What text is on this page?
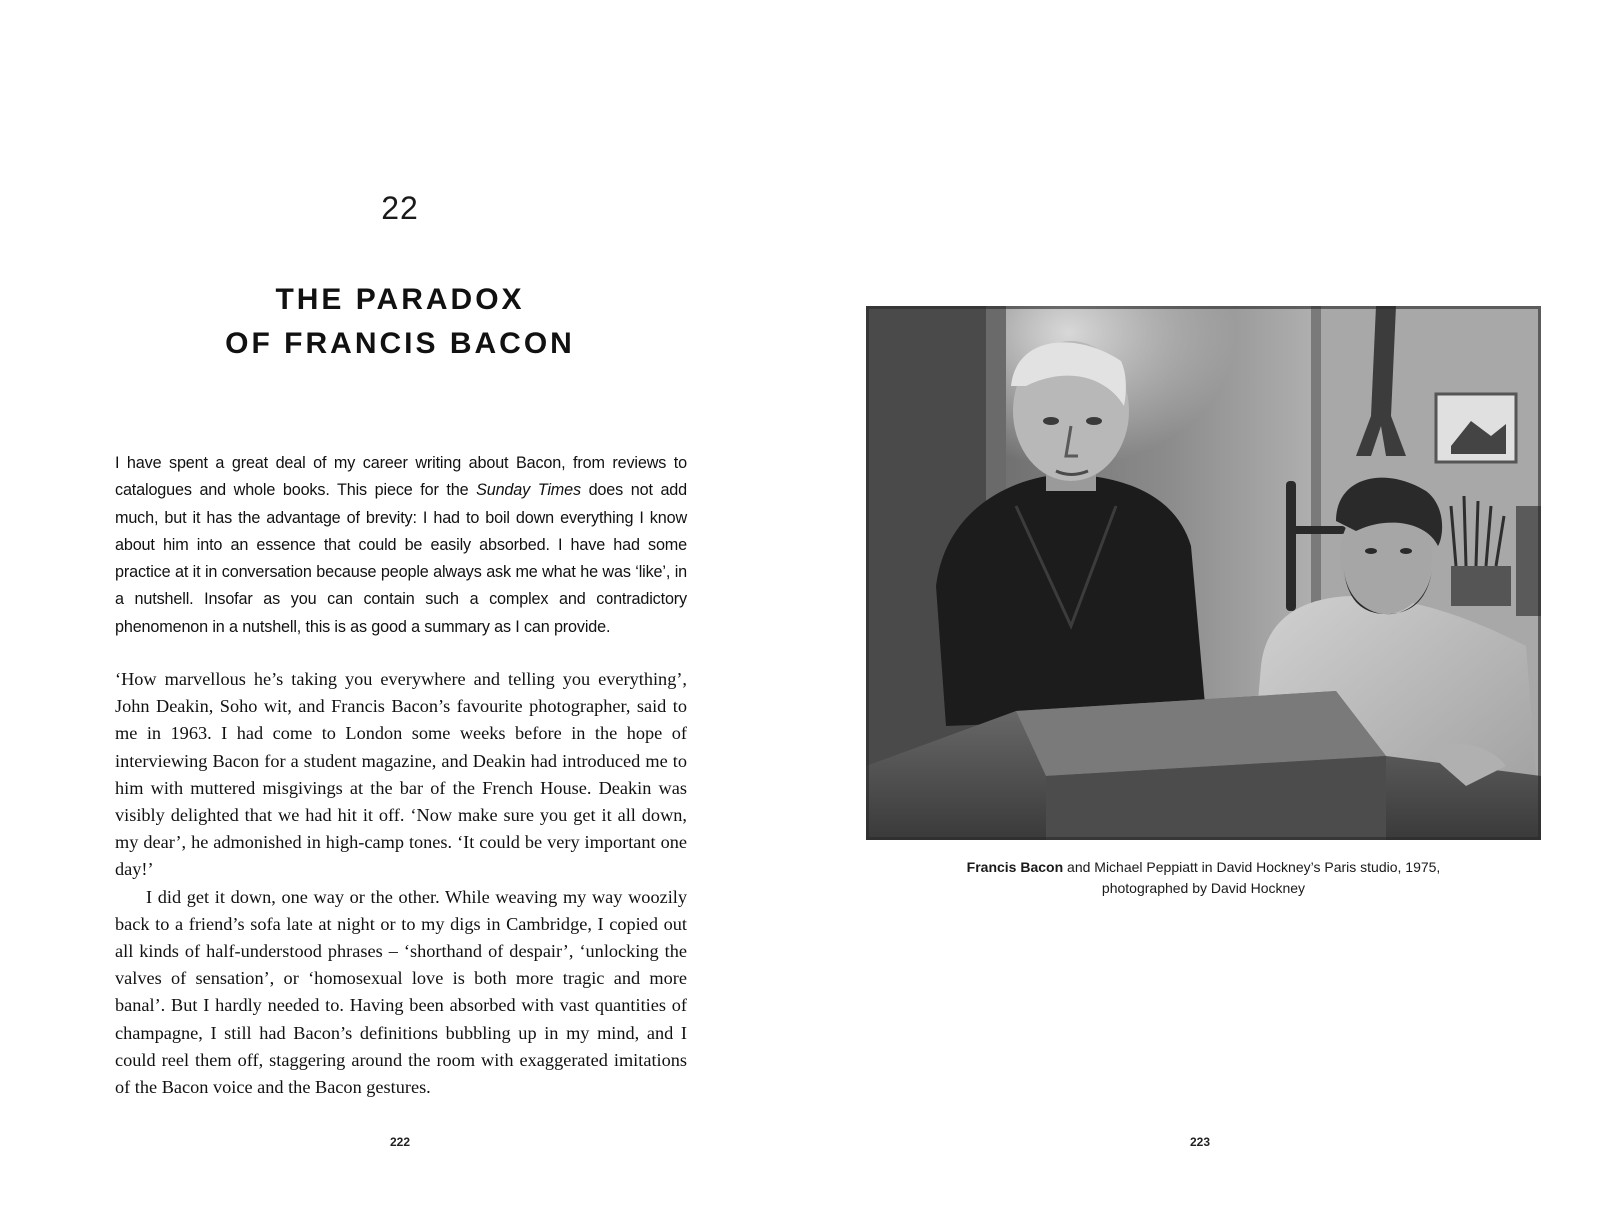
22
THE PARADOX
OF FRANCIS BACON
I have spent a great deal of my career writing about Bacon, from reviews to catalogues and whole books. This piece for the Sunday Times does not add much, but it has the advantage of brevity: I had to boil down everything I know about him into an essence that could be easily absorbed. I have had some practice at it in conversation because people always ask me what he was ‘like’, in a nutshell. Insofar as you can contain such a complex and contradictory phenomenon in a nutshell, this is as good a summary as I can provide.

‘How marvellous he’s taking you everywhere and telling you everything’, John Deakin, Soho wit, and Francis Bacon’s favourite photographer, said to me in 1963. I had come to London some weeks before in the hope of interviewing Bacon for a student magazine, and Deakin had introduced me to him with muttered misgivings at the bar of the French House. Deakin was visibly delighted that we had hit it off. ‘Now make sure you get it all down, my dear’, he admonished in high-camp tones. ‘It could be very important one day!’

I did get it down, one way or the other. While weaving my way woozily back to a friend’s sofa late at night or to my digs in Cambridge, I copied out all kinds of half-understood phrases – ‘shorthand of despair’, ‘unlocking the valves of sensation’, or ‘homosexual love is both more tragic and more banal’. But I hardly needed to. Having been absorbed with vast quantities of champagne, I still had Bacon’s definitions bubbling up in my mind, and I could reel them off, staggering around the room with exaggerated imitations of the Bacon voice and the Bacon gestures.

222
Francis Bacon and Michael Peppiatt in David Hockney’s Paris studio, 1975,
photographed by David Hockney
223
